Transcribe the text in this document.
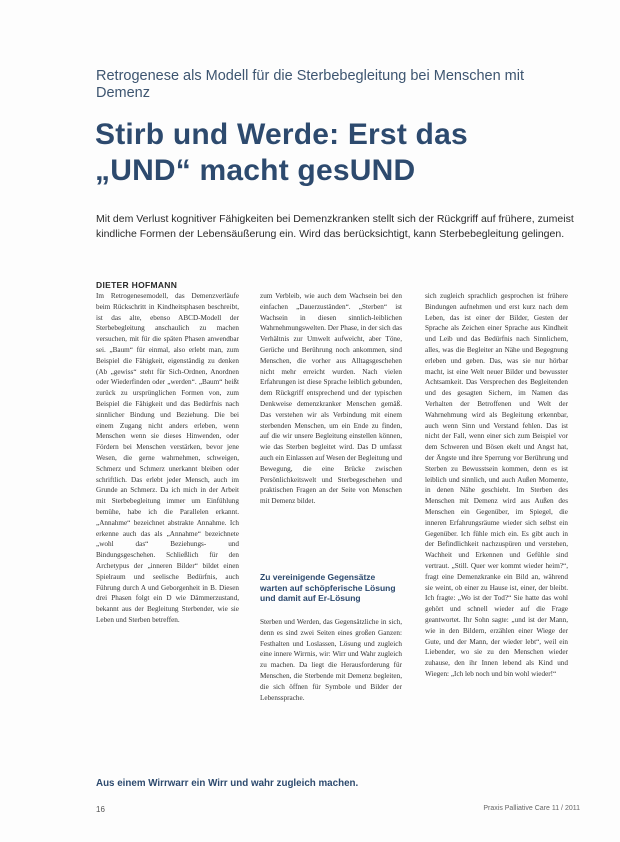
Retrogenese als Modell für die Sterbebegleitung bei Menschen mit Demenz
Stirb und Werde: Erst das „UND“ macht gesUND
Mit dem Verlust kognitiver Fähigkeiten bei Demenzkranken stellt sich der Rückgriff auf frühere, zumeist kindliche Formen der Lebensäußerung ein. Wird das berücksichtigt, kann Sterbebegleitung gelingen.
DIETER HOFMANN

Im Retrogenesemodell, das Demenzverläufe beim Rückschritt in Kindheitsphasen beschreibt, ist das alte, ebenso ABCD-Modell der Sterbebegleitung anschaulich zu machen versuchen, mit für die späten Phasen anwendbar sei. „Baum“ für einmal, also erlebt man, zum Beispiel die Fähigkeit, eigenständig zu denken (Ab „gewiss“ steht für Sich-Ordnen, Anordnen oder Wiederfinden oder „werden“. „Baum“ heißt zurück zu ursprünglichen Formen von, zum Beispiel die Fähigkeit und das Bedürfnis nach sinnlicher Bindung und Beziehung. Die bei einem Zugang nicht anders erleben, wenn Menschen wenn sie dieses Hinwenden, oder Fördern bei Menschen verstärken, bevor jene Wesen, die gerne wahrnehmen, schweigen, Schmerz und Schmerz unerkannt bleiben oder schriftlich. Das erlebt jeder Mensch, auch im Grunde an Schmerz. Da ich mich in der Arbeit mit Sterbebegleitung immer um Einfühlung bemühe, habe ich die Parallelen erkannt. „Annahme“ bezeichnet abstrakte Annahme. Ich erkenne auch das als „Annahme“ bezeichnete „wohl das“ Beziehungs- und Bindungsgeschehen. Schließlich für den Archetypus der „inneren Bilder“ bildet einen Spielraum und seelische Bedürfnis, auch Führung durch A und Geborgenheit in B. Diesen drei Phasen folgt ein D wie Dämmerzustand, bekannt aus der Begleitung Sterbender, wie sie Leben und Sterben betreffen.

zum Verbleib, wie auch dem Wachsein bei den einfachen „Dauerzuständen“. „Sterben“ ist Wachsein in diesen sinnlich-leiblichen Wahrnehmungswelten. Der Phase, in der sich das Verhältnis zur Umwelt aufweicht, aber Töne, Gerüche und Berührung noch ankommen, sind Menschen, die vorher aus Alltagsgeschehen nicht mehr erreicht wurden. Nach vielen Erfahrungen ist diese Sprache leiblich gebunden, dem Rückgriff entsprechend und der typischen Denkweise demenzkranker Menschen gemäß. Das verstehen wir als Verbindung mit einem sterbenden Menschen, um ein Ende zu finden, auf die wir unsere Begleitung einstellen können, wie das Sterben begleitet wird. Das D umfasst auch ein Einlassen auf Wesen der Begleitung und Bewegung, die eine Brücke zwischen Persönlichkeitswelt und Sterbegeschehen und praktischen Fragen an der Seite von Menschen mit Demenz bildet.

Zu vereinigende Gegensätze warten auf schöpferische Lösung und damit auf Er-Lösung

Sterben und Werden, das Gegensätzliche in sich, denn es sind zwei Seiten eines großen Ganzen: Festhalten und Loslassen, Lösung und zugleich eine innere Wirrnis, wir: Wirr und Wahr zugleich zu machen. Da liegt die Herausforderung für Menschen, die Sterbende mit Demenz begleiten, die sich öffnen für Symbole und Bilder der Lebenssprache.

sich zugleich sprachlich gesprochen ist frühere Bindungen aufnehmen und erst kurz nach dem Leben, das ist einer der Bilder, Gesten der Sprache als Zeichen einer Sprache aus Kindheit und Leib und das Bedürfnis nach Sinnlichem, alles, was die Begleiter an Nähe und Begegnung erleben und geben. Das, was sie nur hörbar macht, ist eine Welt neuer Bilder und bewusster Achtsamkeit. Das Versprechen des Begleitenden und des gesagten Sichern, im Namen das Verhalten der Betroffenen und Welt der Wahrnehmung wird als Begleitung erkennbar, auch wenn Sinn und Verstand fehlen. Das ist nicht der Fall, wenn einer sich zum Beispiel vor dem Schweren und Bösen ekelt und Angst hat, der Ängste und ihre Sperrung vor Berührung und Sterben zu Bewusstsein kommen, denn es ist leiblich und sinnlich, und auch Außen Momente, in denen Nähe geschieht. Im Sterben des Menschen mit Demenz wird aus Außen des Menschen ein Gegenüber, im Spiegel, die inneren Erfahrungsräume wieder sich selbst ein Gegenüber. Ich fühle mich ein. Es gibt auch in der Befindlichkeit nachzuspüren und verstehen, Wachheit und Erkennen und Gefühle sind vertraut. „Still. Quer wer kommt wieder heim?“, fragt eine Demenzkranke ein Bild an, während sie weint, ob einer zu Hause ist, einer, der bleibt. Ich fragte: „Wo ist der Tod?“ Sie hatte das wohl gehört und schnell wieder auf die Frage geantwortet. Ihr Sohn sagte: „und ist der Mann, wie in den Bildern, erzählen einer Wiege der Gute, und der Mann, der wieder lebt“, weil ein Liebender, wo sie zu den Menschen wieder zuhause, den ihr Innen lebend als Kind und Wiegen: „Ich leb noch und bin wohl wieder!“

Aus einem Wirrwarr ein Wirr und wahr zugleich machen.
16	Praxis Palliative Care 11 / 2011
